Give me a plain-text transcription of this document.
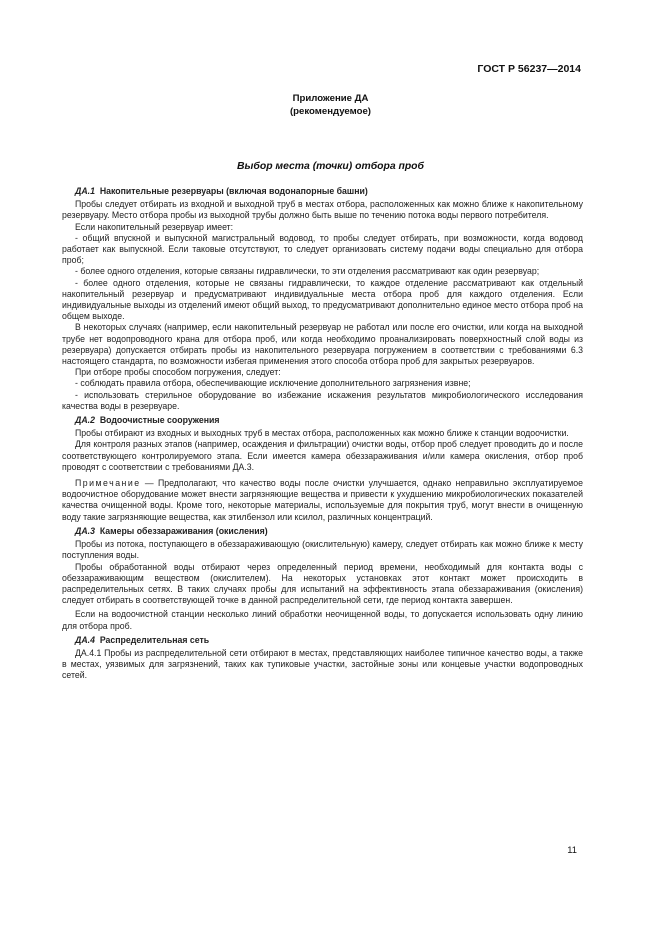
ГОСТ Р 56237—2014
Приложение ДА
(рекомендуемое)
Выбор места (точки) отбора проб

ДА.1 Накопительные резервуары (включая водонапорные башни)

Пробы следует отбирать из входной и выходной труб в местах отбора, расположенных как можно ближе к накопительному резервуару. Место отбора пробы из выходной трубы должно быть выше по течению потока воды первого потребителя.

Если накопительный резервуар имеет:

- общий впускной и выпускной магистральный водовод, то пробы следует отбирать, при возможности, когда водовод работает как выпускной. Если таковые отсутствуют, то следует организовать систему подачи воды специально для отбора проб;

- более одного отделения, которые связаны гидравлически, то эти отделения рассматривают как один резервуар;

- более одного отделения, которые не связаны гидравлически, то каждое отделение рассматривают как отдельный накопительный резервуар и предусматривают индивидуальные места отбора проб для каждого отделения. Если индивидуальные выходы из отделений имеют общий выход, то предусматривают дополнительно единое место отбора проб на общем выходе.

В некоторых случаях (например, если накопительный резервуар не работал или после его очистки, или когда на выходной трубе нет водопроводного крана для отбора проб, или когда необходимо проанализировать поверхностный слой воды из резервуара) допускается отбирать пробы из накопительного резервуара погружением в соответствии с требованиями 6.3 настоящего стандарта, по возможности избегая применения этого способа отбора проб для закрытых резервуаров.

При отборе пробы способом погружения, следует:

- соблюдать правила отбора, обеспечивающие исключение дополнительного загрязнения извне;

- использовать стерильное оборудование во избежание искажения результатов микробиологического исследования качества воды в резервуаре.

ДА.2 Водоочистные сооружения

Пробы отбирают из входных и выходных труб в местах отбора, расположенных как можно ближе к станции водоочистки.

Для контроля разных этапов (например, осаждения и фильтрации) очистки воды, отбор проб следует проводить до и после соответствующего контролируемого этапа. Если имеется камера обеззараживания и/или камера окисления, отбор проб проводят с соответствии с требованиями ДА.3.

Примечание — Предполагают, что качество воды после очистки улучшается, однако неправильно эксплуатируемое водоочистное оборудование может внести загрязняющие вещества и привести к ухудшению микробиологических показателей качества очищенной воды. Кроме того, некоторые материалы, используемые для покрытия труб, могут внести в очищенную воду такие загрязняющие вещества, как этилбензол или ксилол, различных концентраций.

ДА.3 Камеры обеззараживания (окисления)

Пробы из потока, поступающего в обеззараживающую (окислительную) камеру, следует отбирать как можно ближе к месту поступления воды.

Пробы обработанной воды отбирают через определенный период времени, необходимый для контакта воды с обеззараживающим веществом (окислителем). На некоторых установках этот контакт может происходить в распределительных сетях. В таких случаях пробы для испытаний на эффективность этапа обеззараживания (окисления) следует отбирать в соответствующей точке в данной распределительной сети, где период контакта завершен.

Если на водоочистной станции несколько линий обработки неочищенной воды, то допускается использовать одну линию для отбора проб.

ДА.4 Распределительная сеть

ДА.4.1 Пробы из распределительной сети отбирают в местах, представляющих наиболее типичное качество воды, а также в местах, уязвимых для загрязнений, таких как тупиковые участки, застойные зоны или концевые участки водопроводных сетей.

11
